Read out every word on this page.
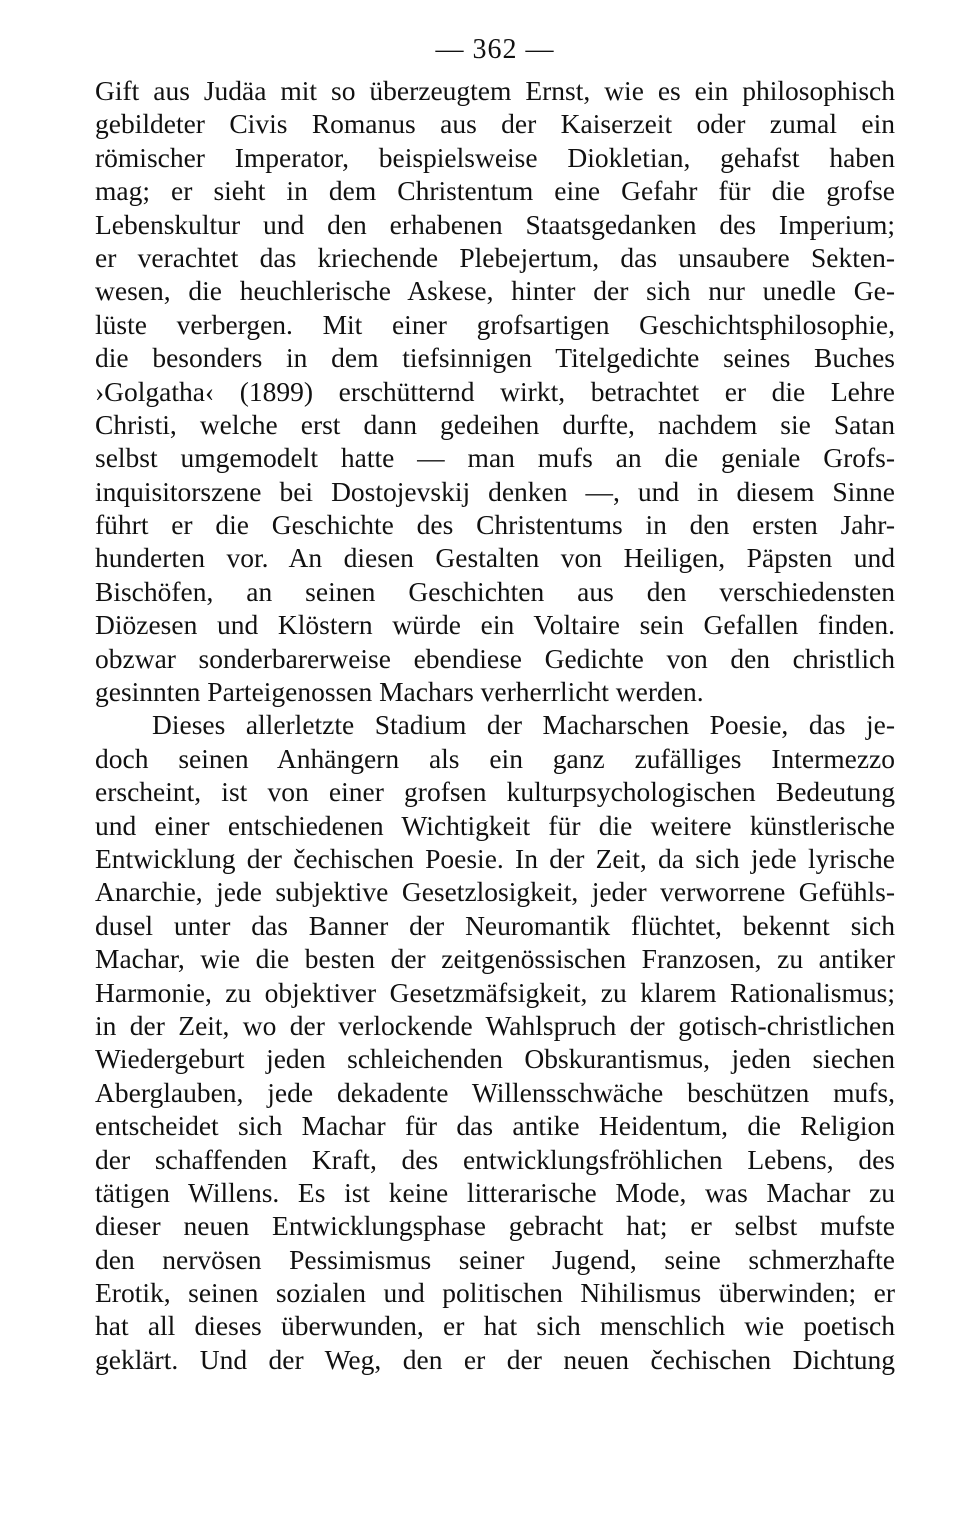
— 362 —
Gift aus Judäa mit so überzeugtem Ernst, wie es ein philosophisch
gebildeter Civis Romanus aus der Kaiserzeit oder zumal ein
römischer Imperator, beispielsweise Diokletian, gehafst haben
mag; er sieht in dem Christentum eine Gefahr für die grofse
Lebenskultur und den erhabenen Staatsgedanken des Imperium;
er verachtet das kriechende Plebejertum, das unsaubere Sekten-
wesen, die heuchlerische Askese, hinter der sich nur unedle Ge-
lüste verbergen. Mit einer grofsartigen Geschichtsphilosophie,
die besonders in dem tiefsinnigen Titelgedichte seines Buches
›Golgatha‹ (1899) erschütternd wirkt, betrachtet er die Lehre
Christi, welche erst dann gedeihen durfte, nachdem sie Satan
selbst umgemodelt hatte — man mufs an die geniale Grofs-
inquisitorszene bei Dostojevskij denken —, und in diesem Sinne
führt er die Geschichte des Christentums in den ersten Jahr-
hunderten vor. An diesen Gestalten von Heiligen, Päpsten und
Bischöfen, an seinen Geschichten aus den verschiedensten
Diözesen und Klöstern würde ein Voltaire sein Gefallen finden.
obzwar sonderbarerweise ebendiese Gedichte von den christlich
gesinnten Parteigenossen Machars verherrlicht werden.
Dieses allerletzte Stadium der Macharschen Poesie, das je-
doch seinen Anhängern als ein ganz zufälliges Intermezzo
erscheint, ist von einer grofsen kulturpsychologischen Bedeutung
und einer entschiedenen Wichtigkeit für die weitere künstlerische
Entwicklung der čechischen Poesie. In der Zeit, da sich jede lyrische
Anarchie, jede subjektive Gesetzlosigkeit, jeder verworrene Gefühls-
dusel unter das Banner der Neuromantik flüchtet, bekennt sich
Machar, wie die besten der zeitgenössischen Franzosen, zu antiker
Harmonie, zu objektiver Gesetzmäfsigkeit, zu klarem Rationalismus;
in der Zeit, wo der verlockende Wahlspruch der gotisch-christlichen
Wiedergeburt jeden schleichenden Obskurantismus, jeden siechen
Aberglauben, jede dekadente Willensschwäche beschützen mufs,
entscheidet sich Machar für das antike Heidentum, die Religion
der schaffenden Kraft, des entwicklungsfröhlichen Lebens, des
tätigen Willens. Es ist keine litterarische Mode, was Machar zu
dieser neuen Entwicklungsphase gebracht hat; er selbst mufste
den nervösen Pessimismus seiner Jugend, seine schmerzhafte
Erotik, seinen sozialen und politischen Nihilismus überwinden; er
hat all dieses überwunden, er hat sich menschlich wie poetisch
geklärt. Und der Weg, den er der neuen čechischen Dichtung
